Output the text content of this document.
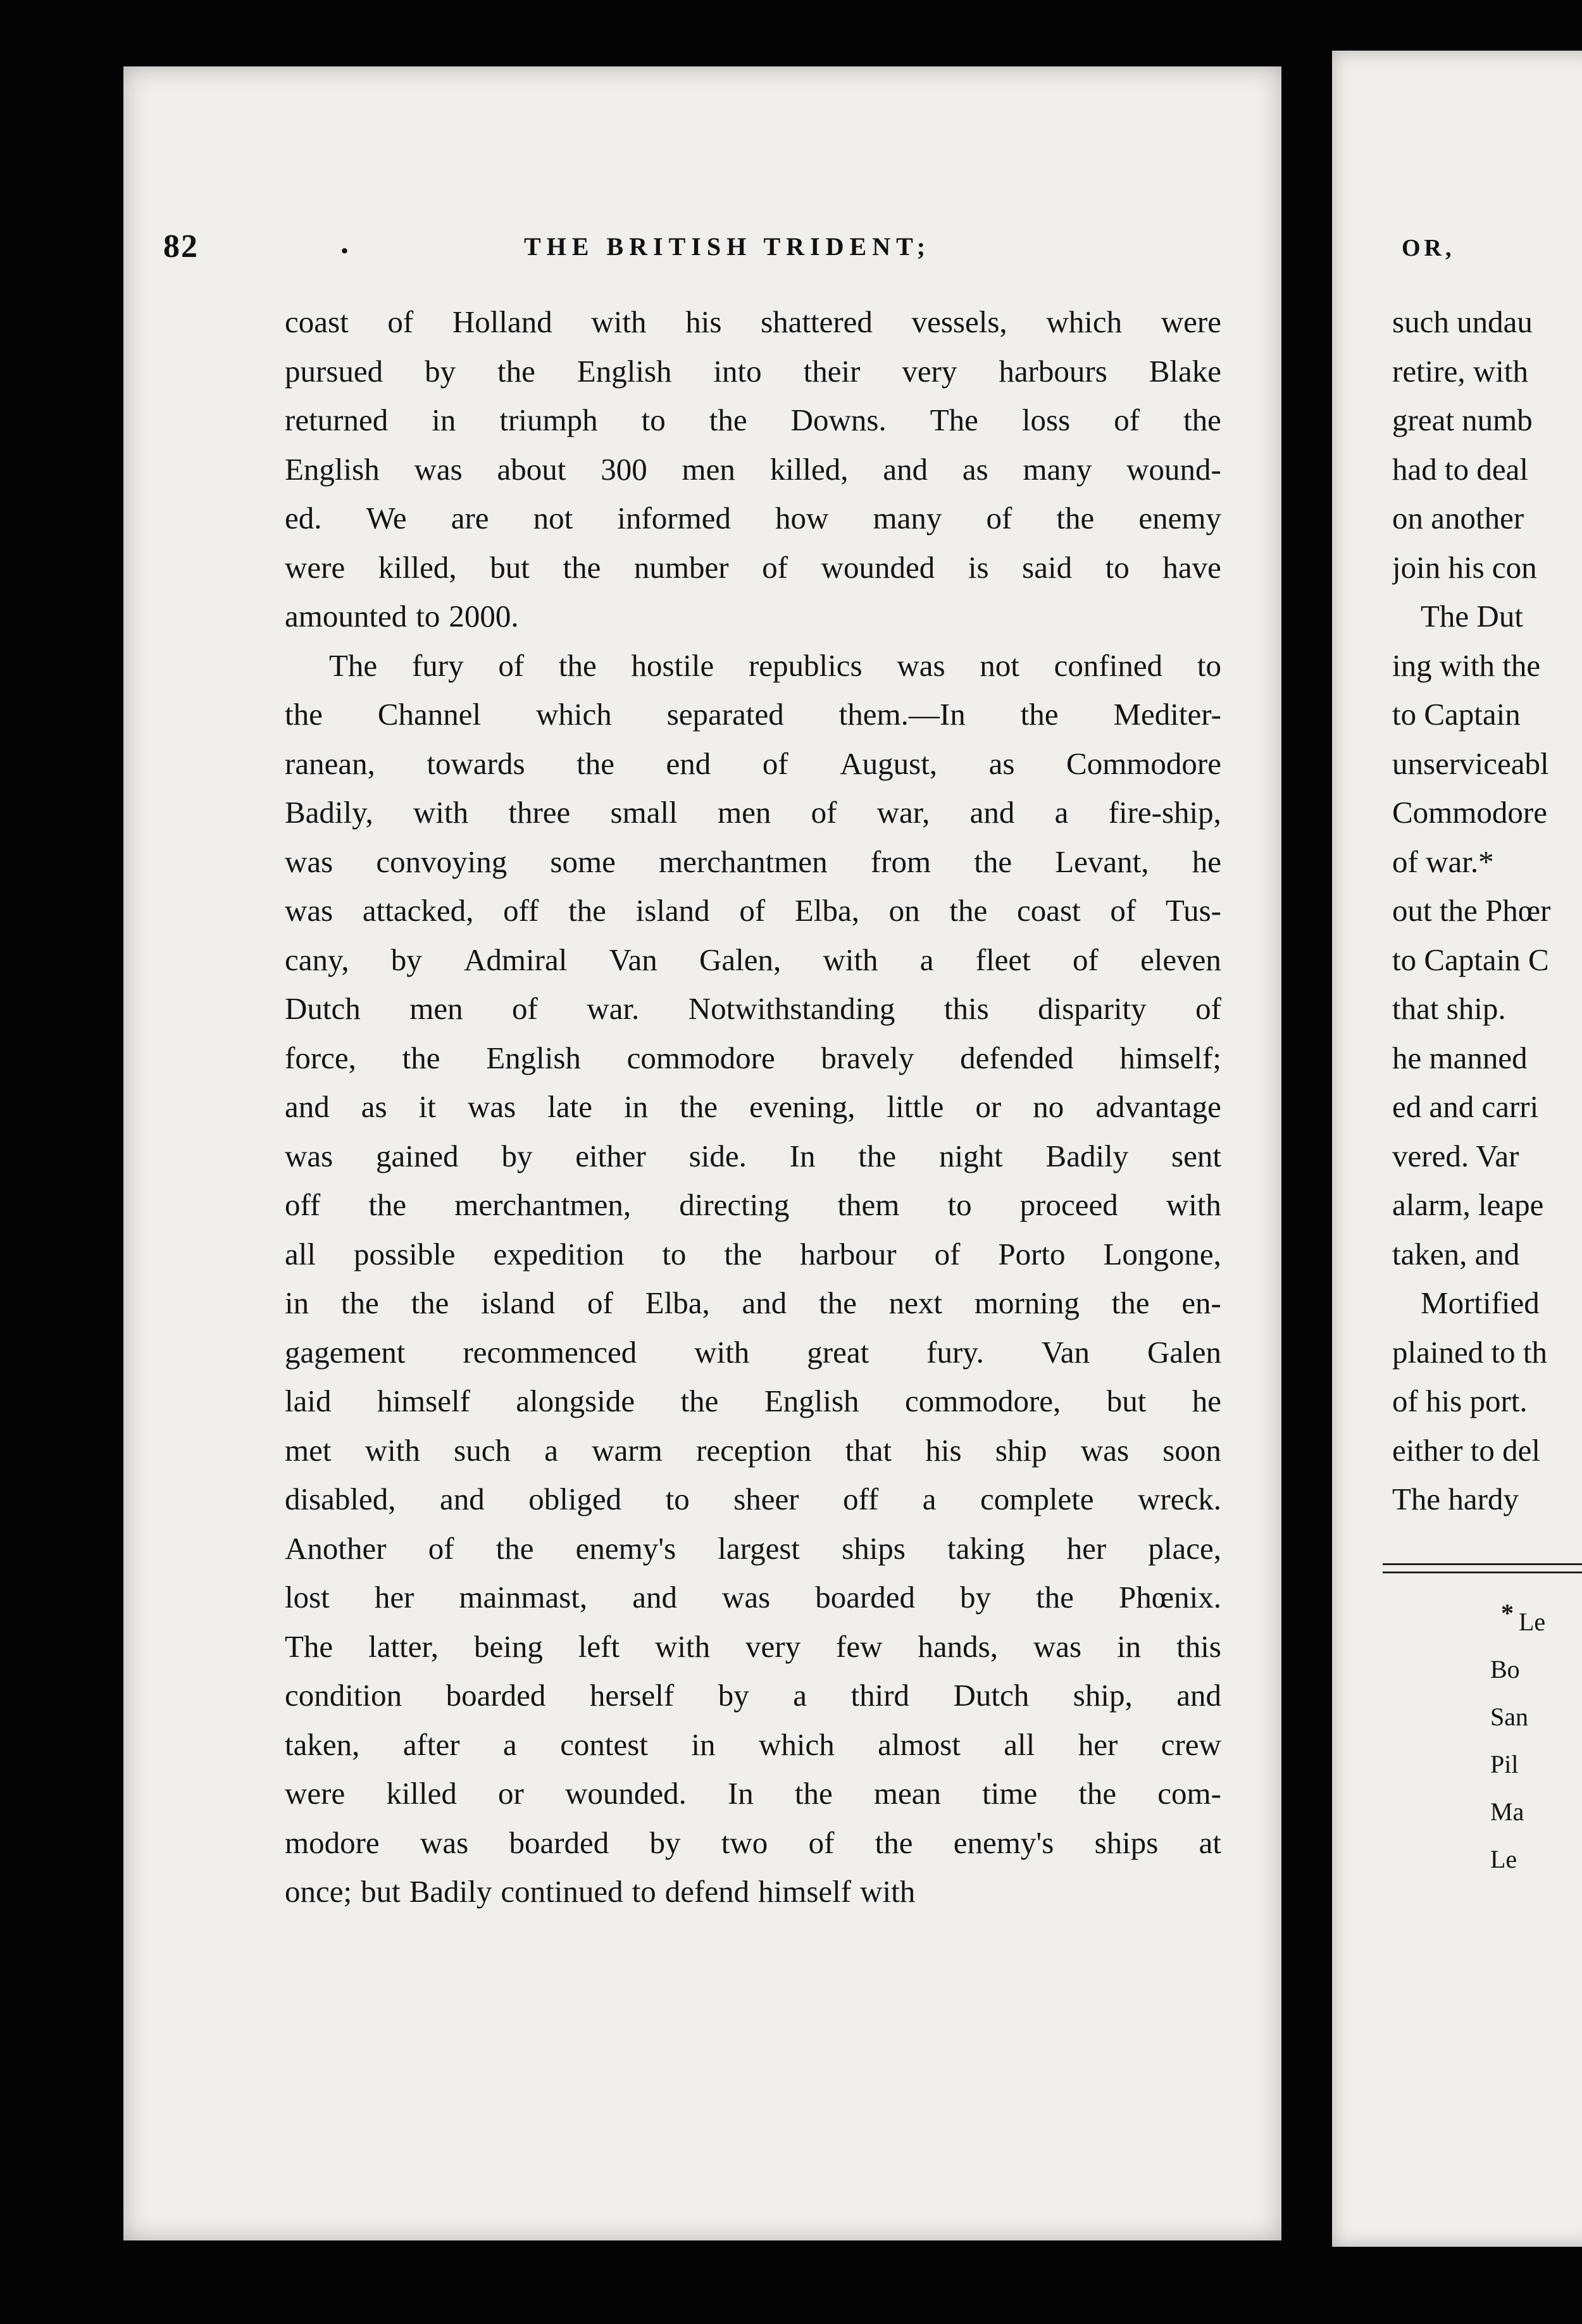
82	.	THE BRITISH TRIDENT;
coast of Holland with his shattered vessels, which were
pursued by the English into their very harbours Blake
returned in triumph to the Downs. The loss of the
English was about 300 men killed, and as many wound-
ed. We are not informed how many of the enemy
were killed, but the number of wounded is said to have
amounted to 2000.
The fury of the hostile republics was not confined to
the Channel which separated them.—In the Mediter-
ranean, towards the end of August, as Commodore
Badily, with three small men of war, and a fire-ship,
was convoying some merchantmen from the Levant, he
was attacked, off the island of Elba, on the coast of Tus-
cany, by Admiral Van Galen, with a fleet of eleven
Dutch men of war. Notwithstanding this disparity of
force, the English commodore bravely defended himself;
and as it was late in the evening, little or no advantage
was gained by either side. In the night Badily sent
off the merchantmen, directing them to proceed with
all possible expedition to the harbour of Porto Longone,
in the the island of Elba, and the next morning the en-
gagement recommenced with great fury. Van Galen
laid himself alongside the English commodore, but he
met with such a warm reception that his ship was soon
disabled, and obliged to sheer off a complete wreck.
Another of the enemy's largest ships taking her place,
lost her mainmast, and was boarded by the Phœnix.
The latter, being left with very few hands, was in this
condition boarded herself by a third Dutch ship, and
taken, after a contest in which almost all her crew
were killed or wounded. In the mean time the com-
modore was boarded by two of the enemy's ships at
once; but Badily continued to defend himself with
OR,
such undau
retire, with
great numb
had to deal
on another
join his con
The Dut
ing with the
to Captain
unserviceabl
Commodore
of war.*
out the Phœr
to Captain C
that ship.
he manned
ed and carri
vered. Var
alarm, leape
taken, and
Mortified
plained to th
of his port.
either to del
The hardy
* Le
Bo
San
Pil
Ma
Le
